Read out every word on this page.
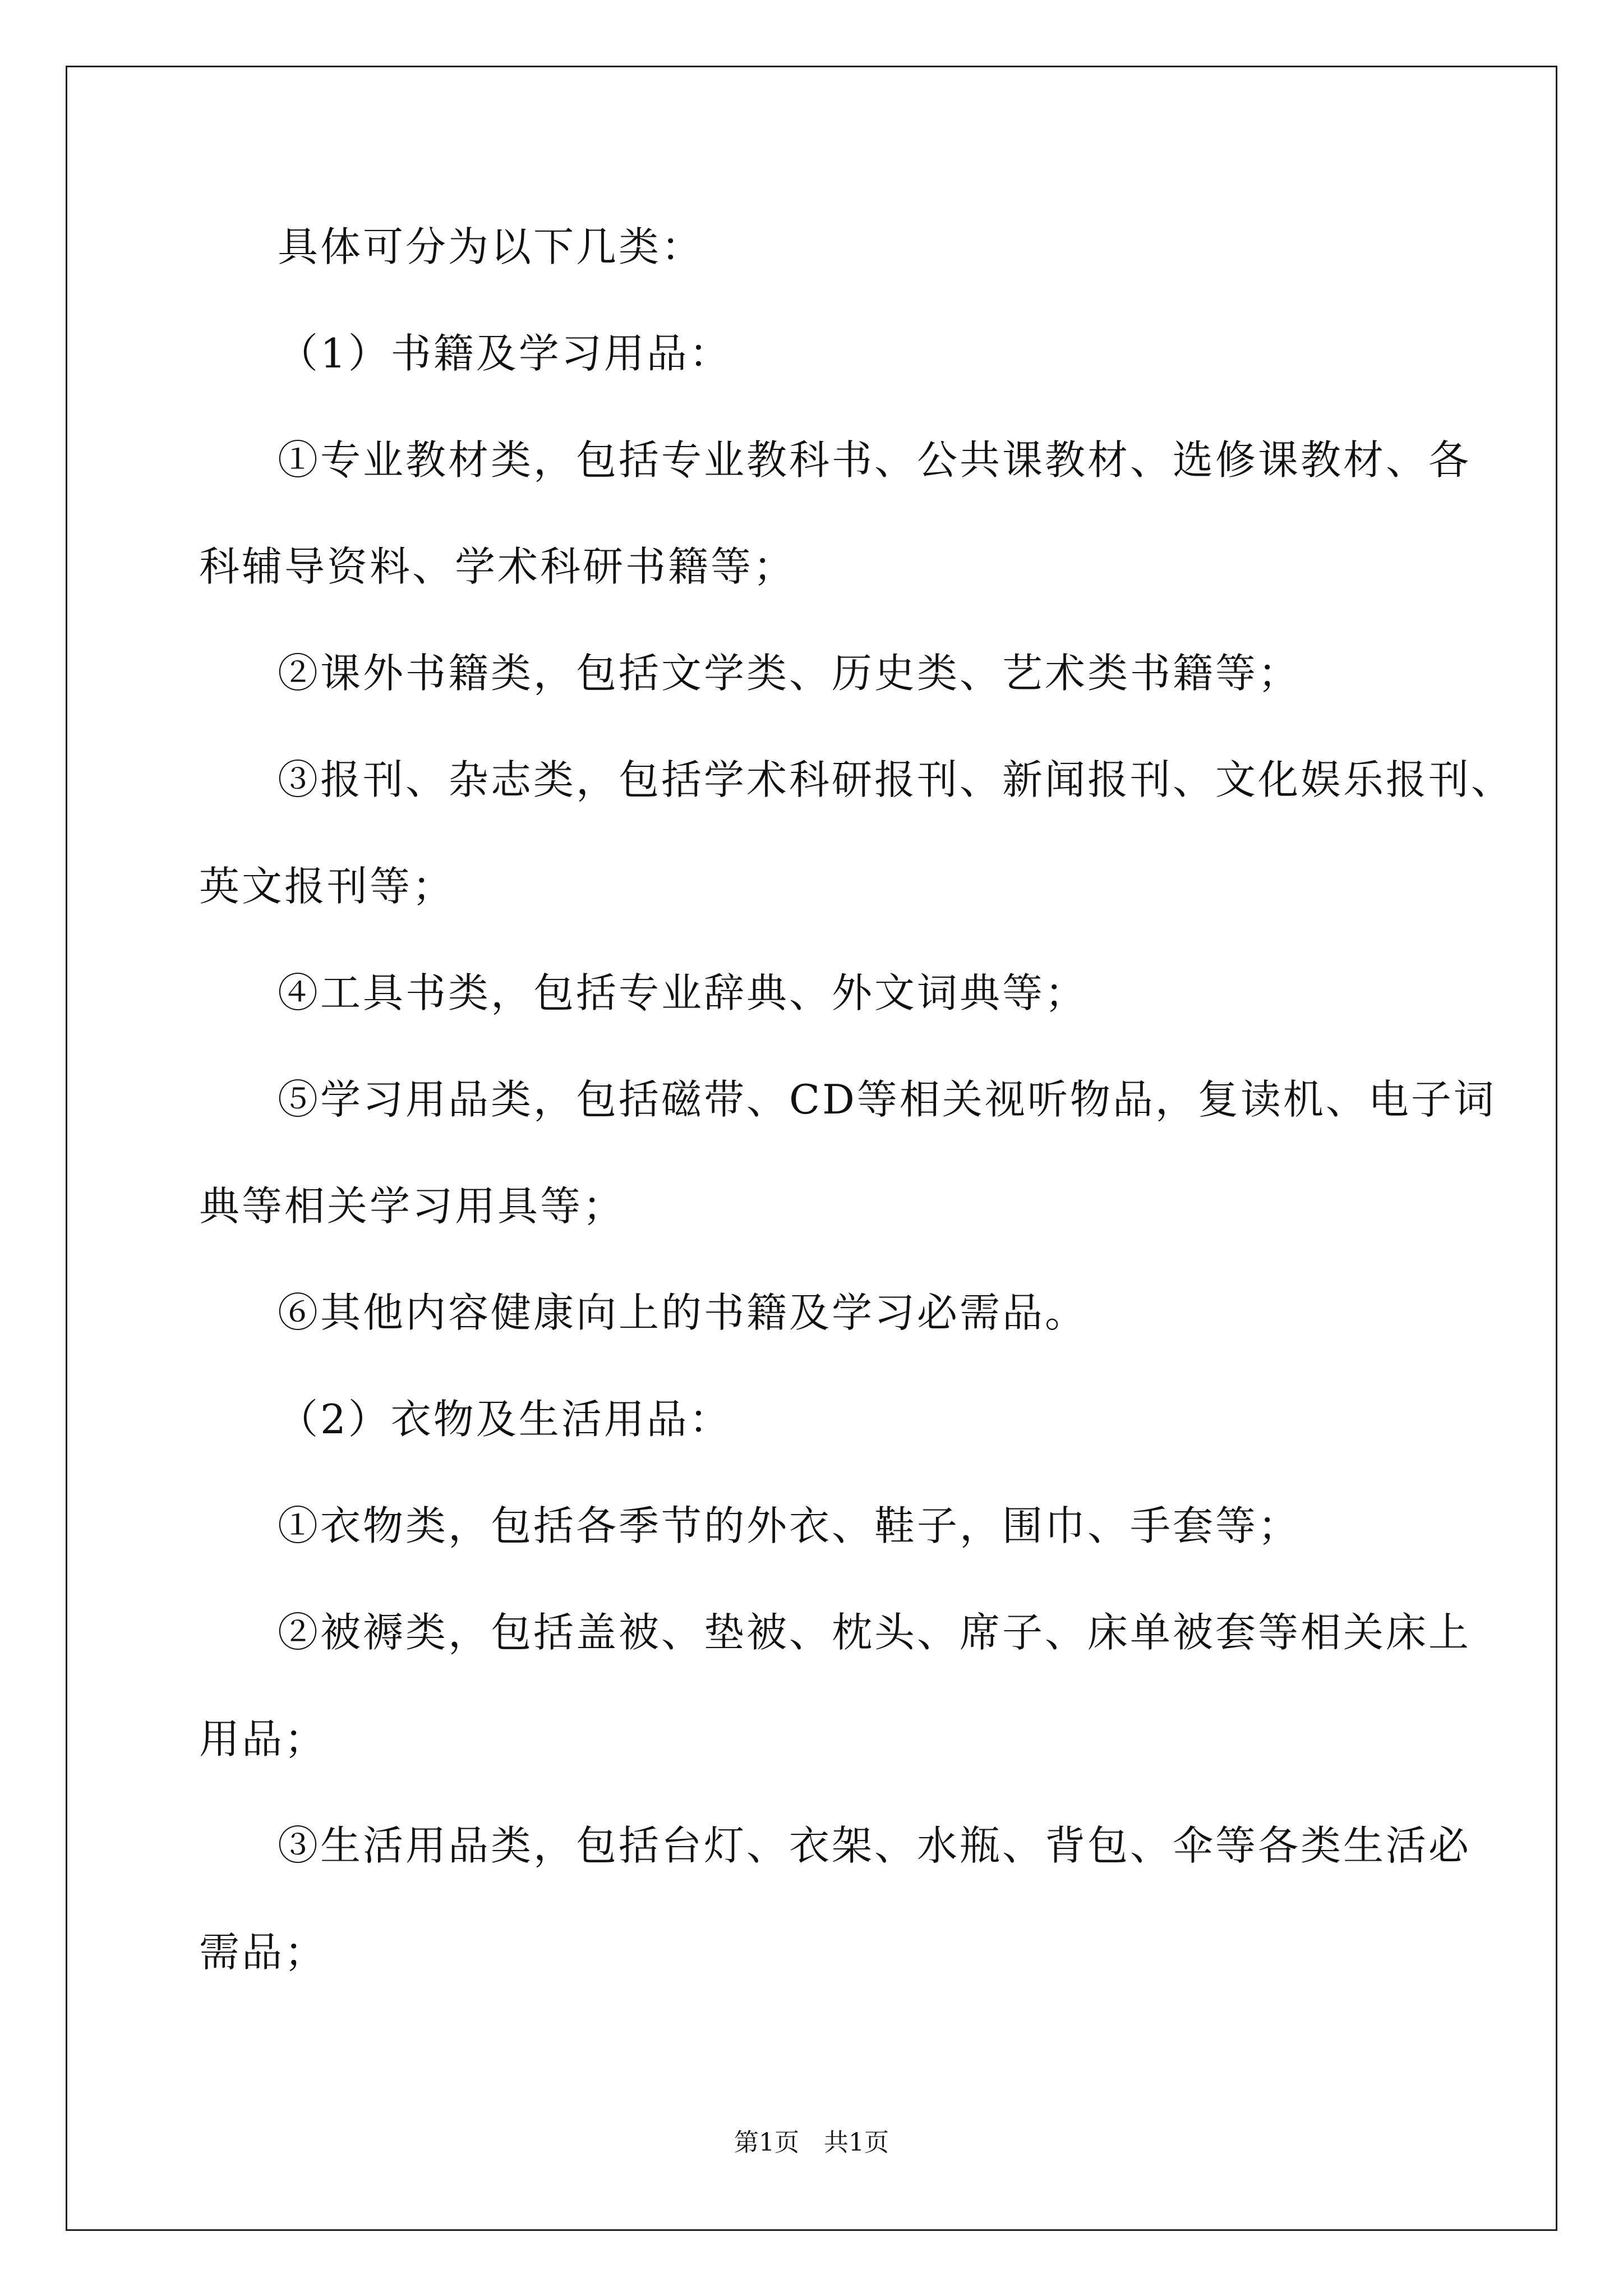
具体可分为以下几类：
（1）书籍及学习用品：
①专业教材类，包括专业教科书、公共课教材、选修课教材、各
科辅导资料、学术科研书籍等；
②课外书籍类，包括文学类、历史类、艺术类书籍等；
③报刊、杂志类，包括学术科研报刊、新闻报刊、文化娱乐报刊、
英文报刊等；
④工具书类，包括专业辞典、外文词典等；
⑤学习用品类，包括磁带、CD等相关视听物品，复读机、电子词
典等相关学习用具等；
⑥其他内容健康向上的书籍及学习必需品。
（2）衣物及生活用品：
①衣物类，包括各季节的外衣、鞋子，围巾、手套等；
②被褥类，包括盖被、垫被、枕头、席子、床单被套等相关床上
用品；
③生活用品类，包括台灯、衣架、水瓶、背包、伞等各类生活必
需品；
第1页 共1页
